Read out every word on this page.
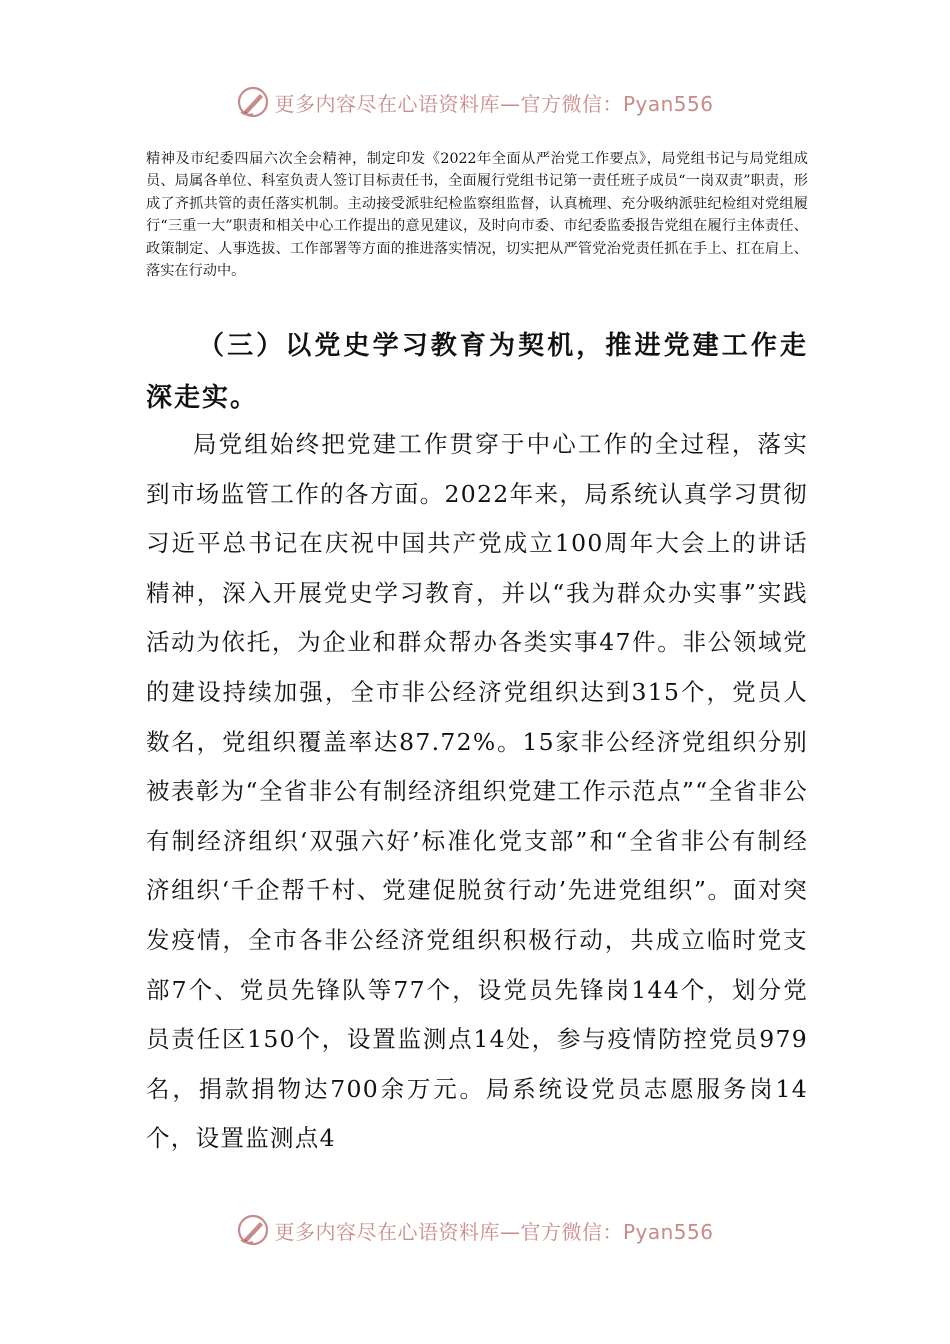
更多内容尽在心语资料库—官方微信：Pyan556

精神及市纪委四届六次全会精神，制定印发《2022年全面从严治党工作要点》，局党组书记与局党组成员、局属各单位、科室负责人签订目标责任书，全面履行党组书记第一责任班子成员“一岗双责”职责，形成了齐抓共管的责任落实机制。主动接受派驻纪检监察组监督，认真梳理、充分吸纳派驻纪检组对党组履行“三重一大”职责和相关中心工作提出的意见建议，及时向市委、市纪委监委报告党组在履行主体责任、政策制定、人事选拔、工作部署等方面的推进落实情况，切实把从严管党治党责任抓在手上、扛在肩上、落实在行动中。

（三）以党史学习教育为契机，推进党建工作走深走实。

局党组始终把党建工作贯穿于中心工作的全过程，落实到市场监管工作的各方面。2022年来，局系统认真学习贯彻习近平总书记在庆祝中国共产党成立100周年大会上的讲话精神，深入开展党史学习教育，并以“我为群众办实事”实践活动为依托，为企业和群众帮办各类实事47件。非公领域党的建设持续加强，全市非公经济党组织达到315个，党员人数名，党组织覆盖率达87.72%。15家非公经济党组织分别被表彰为“全省非公有制经济组织党建工作示范点”“全省非公有制经济组织‘双强六好’标准化党支部”和“全省非公有制经济组织‘千企帮千村、党建促脱贫行动’先进党组织”。面对突发疫情，全市各非公经济党组织积极行动，共成立临时党支部7个、党员先锋队等77个，设党员先锋岗144个，划分党员责任区150个，设置监测点14处，参与疫情防控党员979名，捐款捐物达700余万元。局系统设党员志愿服务岗14个，设置监测点4

更多内容尽在心语资料库—官方微信：Pyan556
